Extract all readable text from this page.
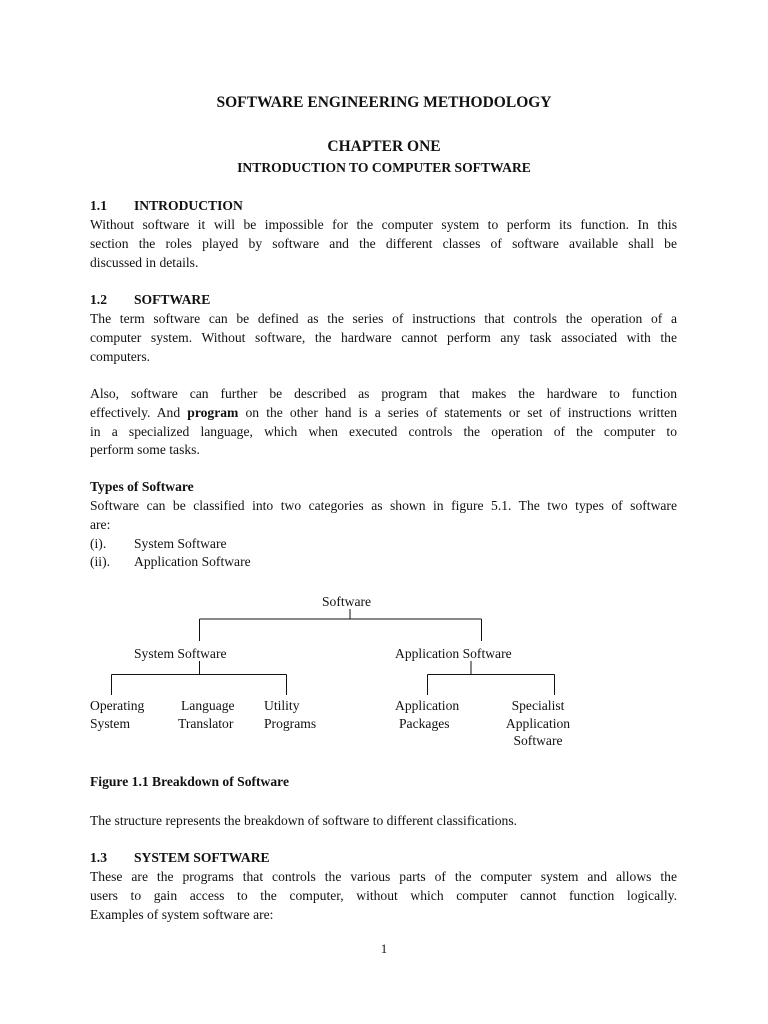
SOFTWARE ENGINEERING METHODOLOGY
CHAPTER ONE
INTRODUCTION TO COMPUTER SOFTWARE
1.1 INTRODUCTION
Without software it will be impossible for the computer system to perform its function. In this
section the roles played by software and the different classes of software available shall be
discussed in details.
1.2 SOFTWARE
The term software can be defined as the series of instructions that controls the operation of a
computer system. Without software, the hardware cannot perform any task associated with the
computers.
Also, software can further be described as program that makes the hardware to function
effectively. And program on the other hand is a series of statements or set of instructions written
in a specialized language, which when executed controls the operation of the computer to
perform some tasks.
Types of Software
Software can be classified into two categories as shown in figure 5.1. The two types of software
are:
(i). System Software
(ii). Application Software
Software
System Software	Application Software
Operating
System
Language
Translator
Utility
Programs
Application
Packages
Specialist
Application
Software
Figure 1.1 Breakdown of Software
The structure represents the breakdown of software to different classifications.
1.3 SYSTEM SOFTWARE
These are the programs that controls the various parts of the computer system and allows the
users to gain access to the computer, without which computer cannot function logically.
Examples of system software are:
1
